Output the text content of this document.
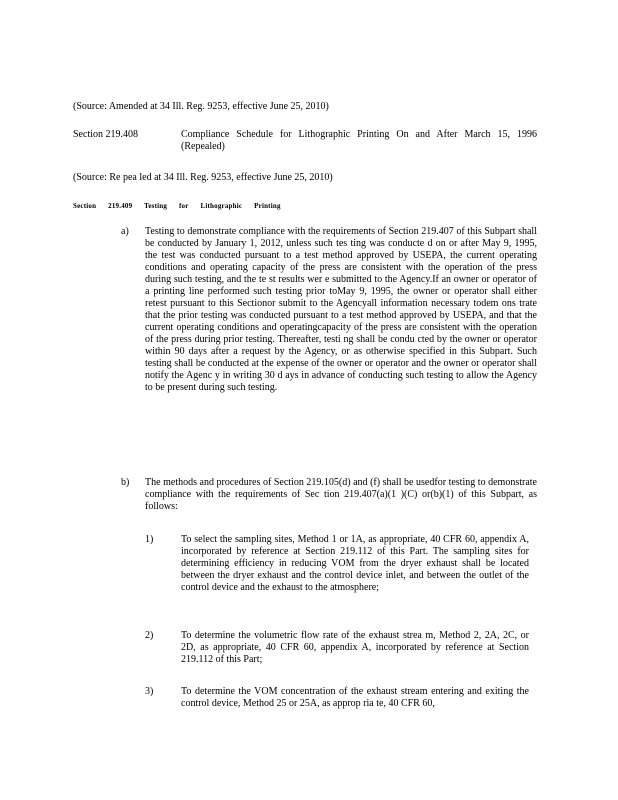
(Source: Amended at 34 Ill. Reg. 9253, effective June 25, 2010)

Section 219.408	Compliance Schedule for Lithographic Printing On and After March 15, 1996 (Repealed)

(Source: Re pea led at 34 Ill. Reg. 9253, effective June 25, 2010)

Section 219.409 Testing for Lithographic Printing
a) Testing to demonstrate compliance with the requirements of Section 219.407 of this Subpart shall be conducted by January 1, 2012, unless such tes ting was conducte d on or after May 9, 1995, the test was conducted pursuant to a test method approved by USEPA, the current operating conditions and operating capacity of the press are consistent with the operation of the press during such testing, and the te st results wer e submitted to the Agency.If an owner or operator of a printing line performed such testing prior toMay 9, 1995, the owner or operator shall either retest pursuant to this Sectionor submit to the Agencyall information necessary todem ons trate that the prior testing was conducted pursuant to a test method approved by USEPA, and that the current operating conditions and operatingcapacity of the press are consistent with the operation of the press during prior testing. Thereafter, testi ng shall be condu cted by the owner or operator within 90 days after a request by the Agency, or as otherwise specified in this Subpart. Such testing shall be conducted at the expense of the owner or operator and the owner or operator shall notify the Agenc y in writing 30 d ays in advance of conducting such testing to allow the Agency to be present during such testing.
b) The methods and procedures of Section 219.105(d) and (f) shall be usedfor testing to demonstrate compliance with the requirements of Sec tion 219.407(a)(1 )(C) or(b)(1) of this Subpart, as follows:
1)	To select the sampling sites, Method 1 or 1A, as appropriate, 40 CFR 60, appendix A, incorporated by reference at Section 219.112 of this Part. The sampling sites for determining efficiency in reducing VOM from the dryer exhaust shall be located between the dryer exhaust and the control device inlet, and between the outlet of the control device and the exhaust to the atmosphere;
2)	To determine the volumetric flow rate of the exhaust strea m, Method 2, 2A, 2C, or 2D, as appropriate, 40 CFR 60, appendix A, incorporated by reference at Section 219.112 of this Part;
3)	To determine the VOM concentration of the exhaust stream entering and exiting the control device, Method 25 or 25A, as approp ria te, 40 CFR 60,
